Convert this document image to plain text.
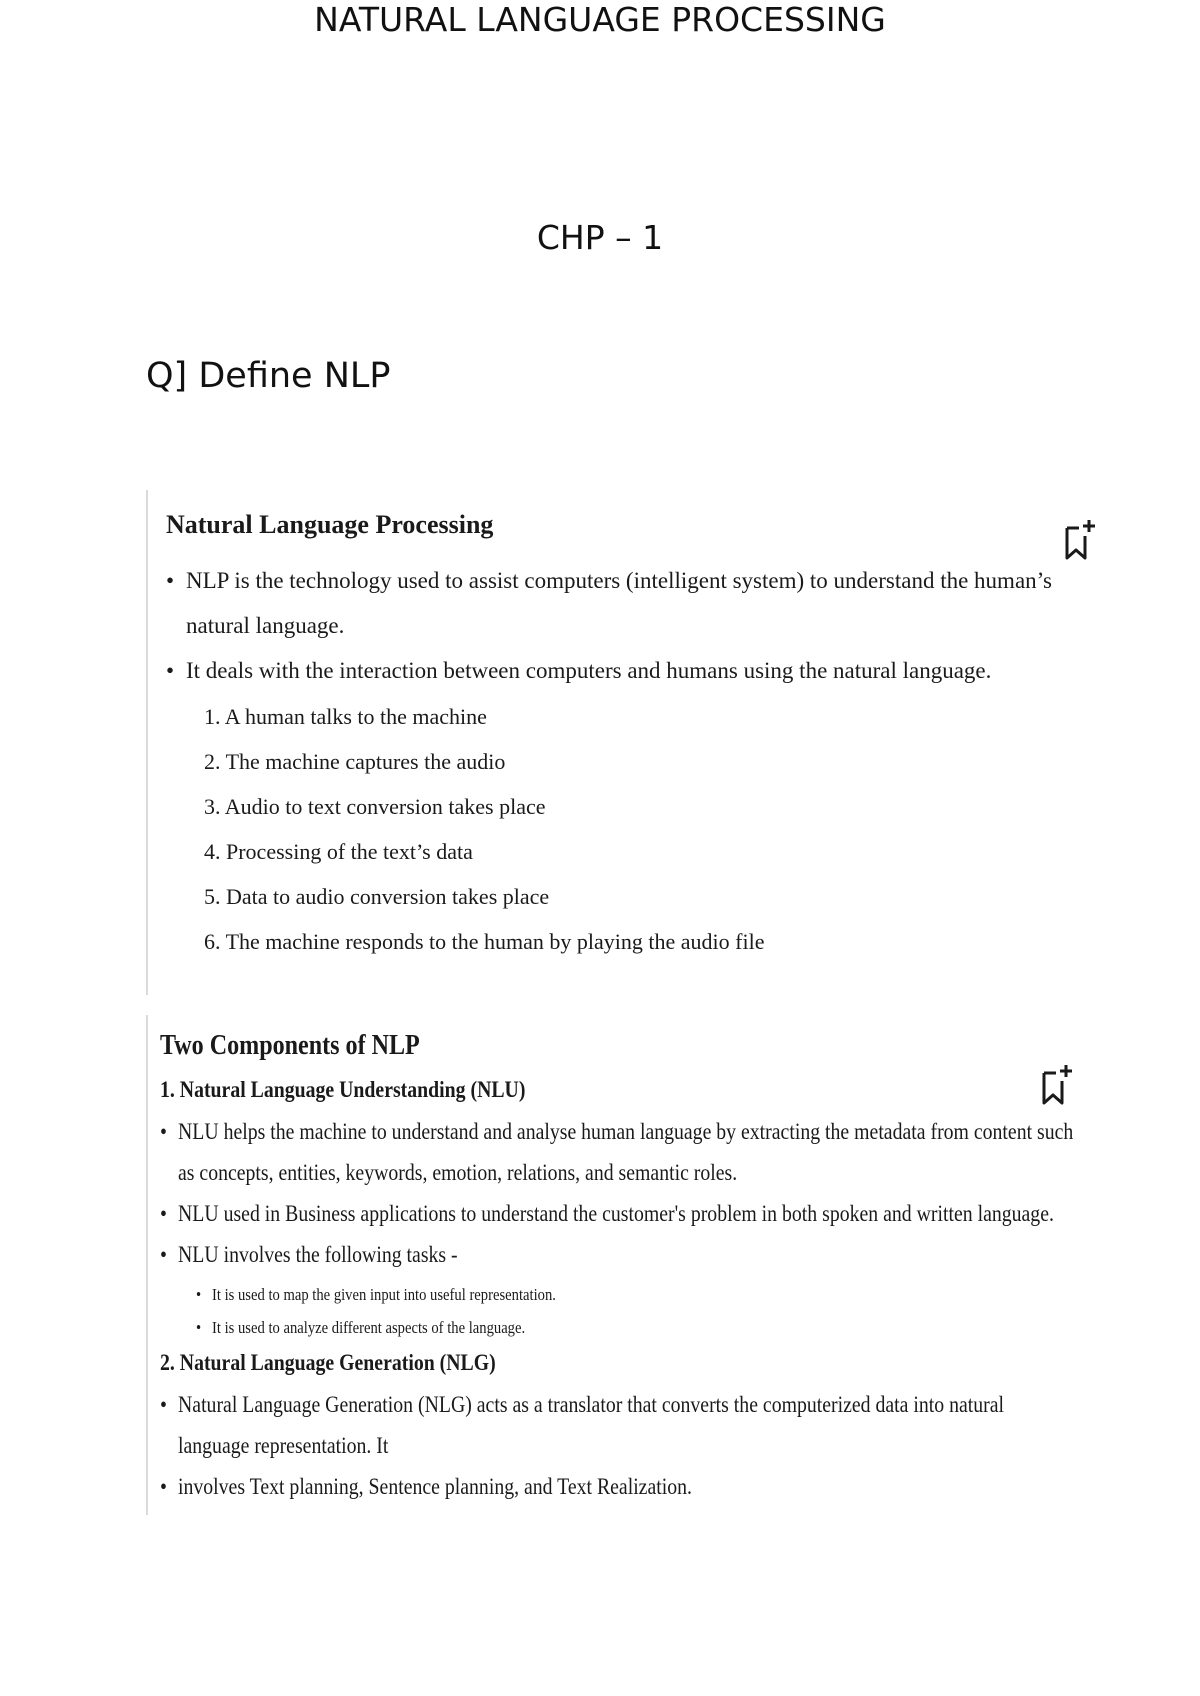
NATURAL LANGUAGE PROCESSING
CHP – 1
Q] Define NLP
Natural Language Processing
• NLP is the technology used to assist computers (intelligent system) to understand the human’s
natural language.
• It deals with the interaction between computers and humans using the natural language.
1. A human talks to the machine
2. The machine captures the audio
3. Audio to text conversion takes place
4. Processing of the text’s data
5. Data to audio conversion takes place
6. The machine responds to the human by playing the audio file
Two Components of NLP
1. Natural Language Understanding (NLU)
• NLU helps the machine to understand and analyse human language by extracting the metadata from content such
as concepts, entities, keywords, emotion, relations, and semantic roles.
• NLU used in Business applications to understand the customer's problem in both spoken and written language.
• NLU involves the following tasks -
• It is used to map the given input into useful representation.
• It is used to analyze different aspects of the language.
2. Natural Language Generation (NLG)
• Natural Language Generation (NLG) acts as a translator that converts the computerized data into natural
language representation. It
• involves Text planning, Sentence planning, and Text Realization.
